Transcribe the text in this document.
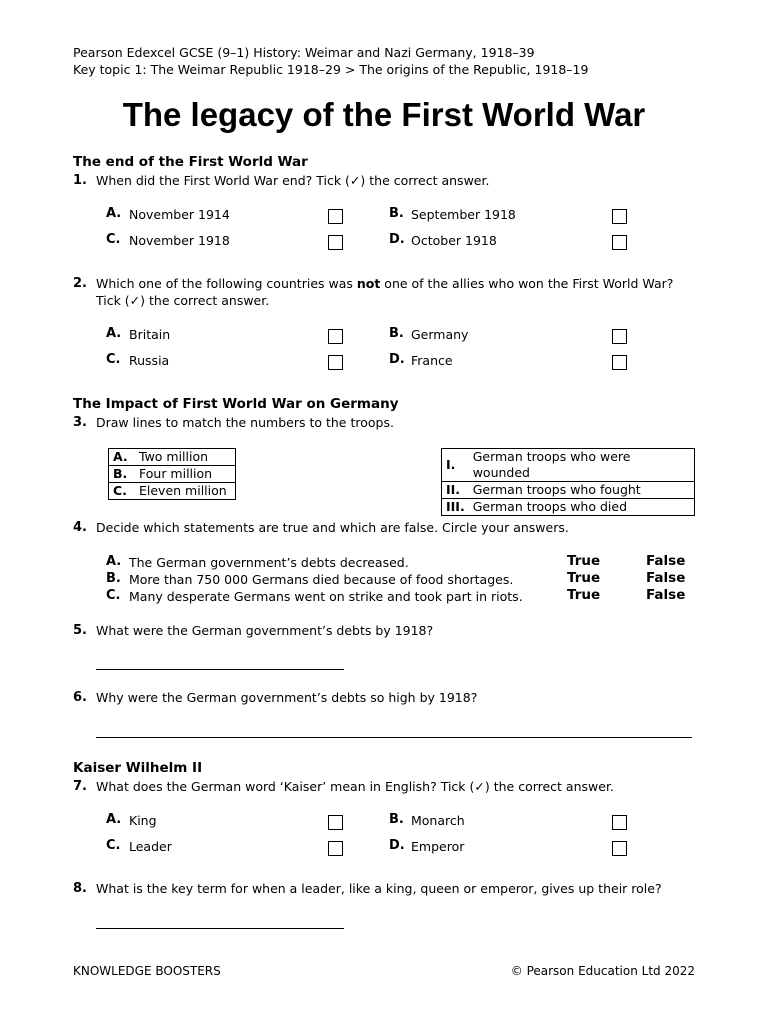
Pearson Edexcel GCSE (9–1) History: Weimar and Nazi Germany, 1918–39
Key topic 1: The Weimar Republic 1918–29 > The origins of the Republic, 1918–19
The legacy of the First World War
The end of the First World War
1. When did the First World War end? Tick (✓) the correct answer.
A. November 1914	B. September 1918
C. November 1918	D. October 1918
2. Which one of the following countries was not one of the allies who won the First World War?
Tick (✓) the correct answer.
A. Britain	B. Germany
C. Russia	D. France
The Impact of First World War on Germany
3. Draw lines to match the numbers to the troops.
A.	Two million
B.	Four million
C.	Eleven million
I.	German troops who were wounded
II.	German troops who fought
III.	German troops who died
4. Decide which statements are true and which are false. Circle your answers.
A. The German government’s debts decreased.	True	False
B. More than 750 000 Germans died because of food shortages.	True	False
C. Many desperate Germans went on strike and took part in riots.	True	False
5. What were the German government’s debts by 1918?
6. Why were the German government’s debts so high by 1918?
Kaiser Wilhelm II
7. What does the German word ‘Kaiser’ mean in English? Tick (✓) the correct answer.
A. King	B. Monarch
C. Leader	D. Emperor
8. What is the key term for when a leader, like a king, queen or emperor, gives up their role?
KNOWLEDGE BOOSTERS	© Pearson Education Ltd 2022
